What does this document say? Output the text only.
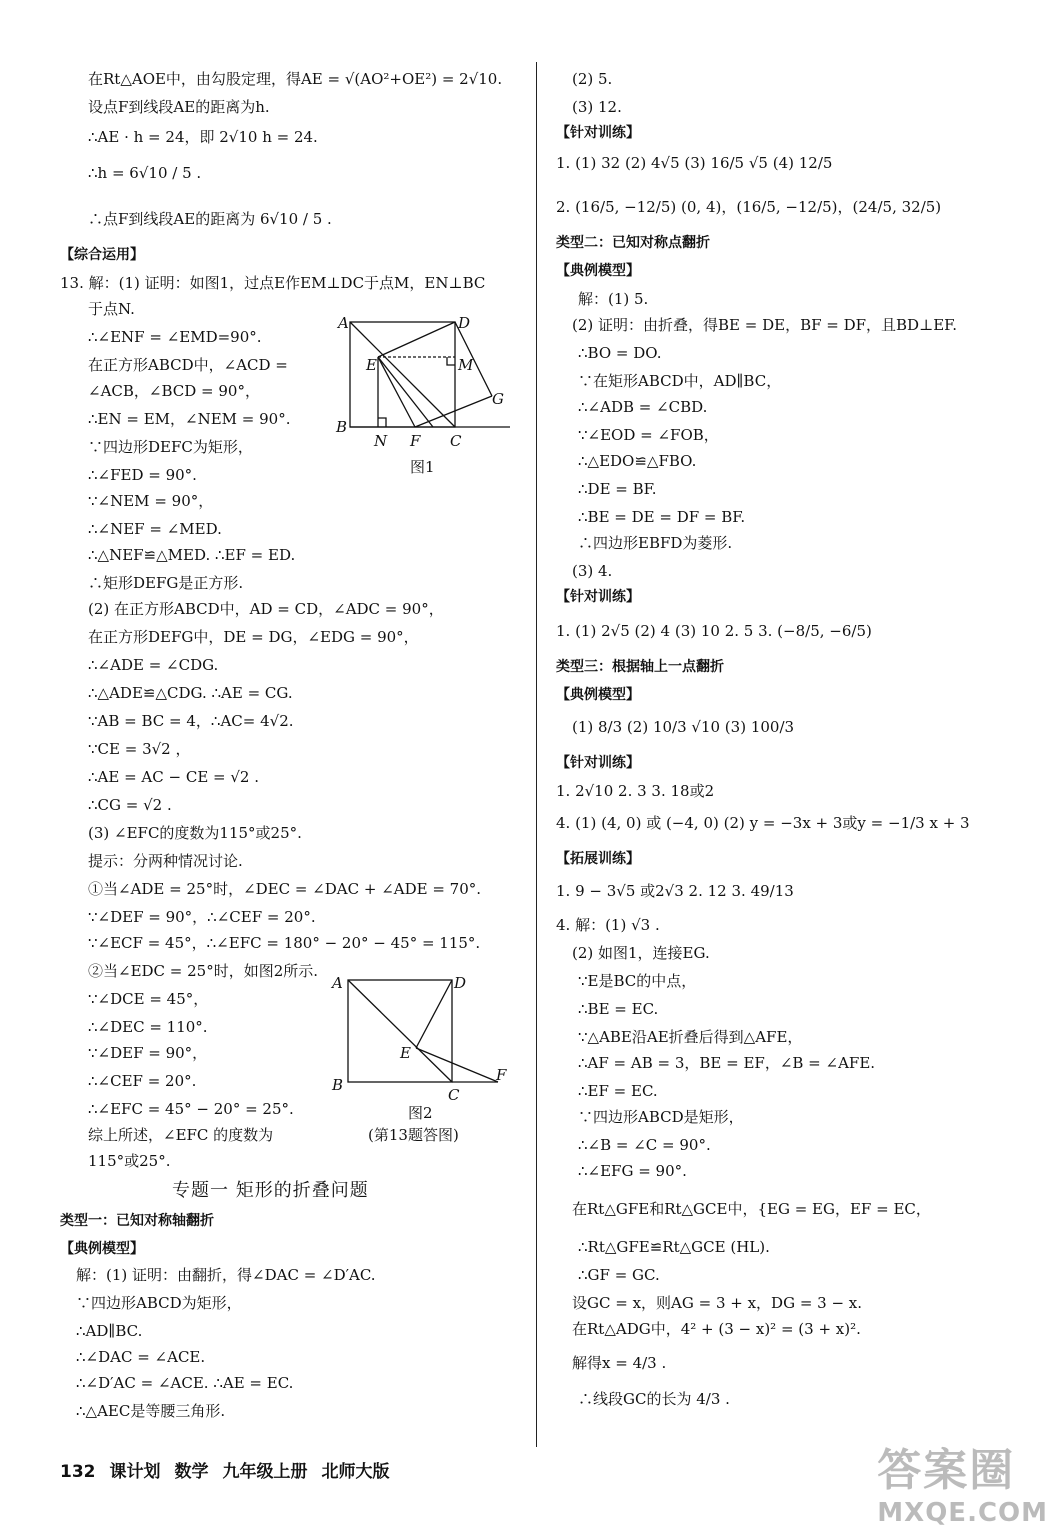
专题一 矩形的折叠问题
A	D
E	M
G
B
N F C
图1
A	D
E
B
C
F
图2
(第13题答图)
132 课计划 数学 九年级上册 北师大版	答案圈
MXQE.COM
在Rt△AOE中，由勾股定理，得AE = √(AO²+OE²) = 2√10.
设点F到线段AE的距离为h.
∴AE · h = 24，即 2√10 h = 24.
∴h = 6√10 / 5 .
∴点F到线段AE的距离为 6√10 / 5 .
【综合运用】
13. 解：(1) 证明：如图1，过点E作EM⊥DC于点M，EN⊥BC
于点N.
∴∠ENF = ∠EMD=90°.
在正方形ABCD中，∠ACD =
∠ACB，∠BCD = 90°，
∴EN = EM，∠NEM = 90°.
∵四边形DEFC为矩形，
∴∠FED = 90°.
∵∠NEM = 90°，
∴∠NEF = ∠MED.
∴△NEF≌△MED. ∴EF = ED.
∴矩形DEFG是正方形.
(2) 在正方形ABCD中，AD = CD，∠ADC = 90°，
在正方形DEFG中，DE = DG，∠EDG = 90°，
∴∠ADE = ∠CDG.
∴△ADE≌△CDG. ∴AE = CG.
∵AB = BC = 4，∴AC= 4√2.
∵CE = 3√2 ，
∴AE = AC − CE = √2 .
∴CG = √2 .
(3) ∠EFC的度数为115°或25°.
提示：分两种情况讨论.
①当∠ADE = 25°时，∠DEC = ∠DAC + ∠ADE = 70°.
∵∠DEF = 90°，∴∠CEF = 20°.
∵∠ECF = 45°，∴∠EFC = 180° − 20° − 45° = 115°.
②当∠EDC = 25°时，如图2所示.
∵∠DCE = 45°，
∴∠DEC = 110°.
∵∠DEF = 90°，
∴∠CEF = 20°.
∴∠EFC = 45° − 20° = 25°.
综上所述，∠EFC 的度数为
115°或25°.
类型一：已知对称轴翻折
【典例模型】
解：(1) 证明：由翻折，得∠DAC = ∠D′AC.
∵四边形ABCD为矩形，
∴AD∥BC.
∴∠DAC = ∠ACE.
∴∠D′AC = ∠ACE. ∴AE = EC.
∴△AEC是等腰三角形.
(2) 5.
(3) 12.
【针对训练】
1. (1) 32 (2) 4√5 (3) 16/5 √5 (4) 12/5
2. (16/5, −12/5) (0, 4)，(16/5, −12/5)，(24/5, 32/5)
类型二：已知对称点翻折
【典例模型】
解：(1) 5.
(2) 证明：由折叠，得BE = DE，BF = DF，且BD⊥EF.
∴BO = DO.
∵在矩形ABCD中，AD∥BC，
∴∠ADB = ∠CBD.
∵∠EOD = ∠FOB，
∴△EDO≌△FBO.
∴DE = BF.
∴BE = DE = DF = BF.
∴四边形EBFD为菱形.
(3) 4.
【针对训练】
1. (1) 2√5 (2) 4 (3) 10 2. 5 3. (−8/5, −6/5)
类型三：根据轴上一点翻折
【典例模型】
(1) 8/3 (2) 10/3 √10 (3) 100/3
【针对训练】
1. 2√10 2. 3 3. 18或2
4. (1) (4, 0) 或 (−4, 0) (2) y = −3x + 3或y = −1/3 x + 3
【拓展训练】
1. 9 − 3√5 或2√3 2. 12 3. 49/13
4. 解：(1) √3 .
(2) 如图1，连接EG.
∵E是BC的中点，
∴BE = EC.
∵△ABE沿AE折叠后得到△AFE，
∴AF = AB = 3，BE = EF，∠B = ∠AFE.
∴EF = EC.
∵四边形ABCD是矩形，
∴∠B = ∠C = 90°.
∴∠EFG = 90°.
在Rt△GFE和Rt△GCE中，{EG = EG，EF = EC，
∴Rt△GFE≌Rt△GCE (HL).
∴GF = GC.
设GC = x，则AG = 3 + x，DG = 3 − x.
在Rt△ADG中，4² + (3 − x)² = (3 + x)².
解得x = 4/3 .
∴线段GC的长为 4/3 .
